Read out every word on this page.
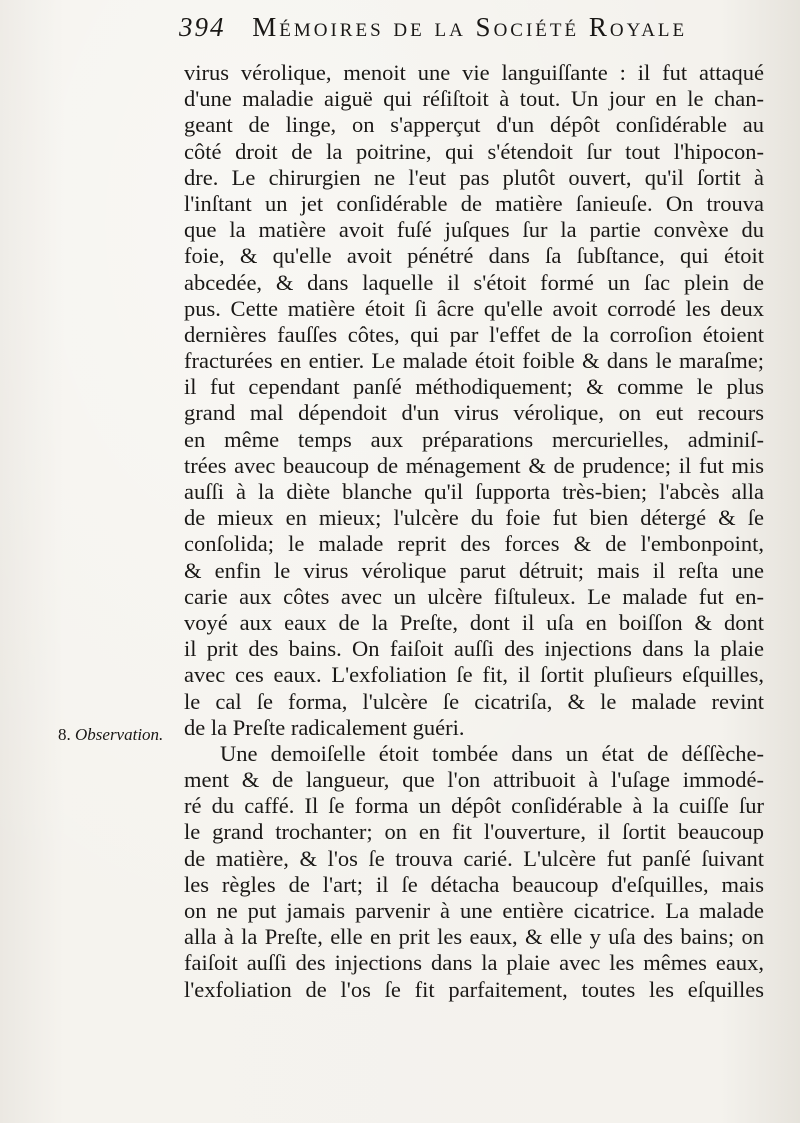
394 Mémoires de la Société Royale
8. Observation.
virus vérolique, menoit une vie languiſſante : il fut attaqué
d'une maladie aiguë qui réſiſtoit à tout. Un jour en le chan-
geant de linge, on s'apperçut d'un dépôt conſidérable au
côté droit de la poitrine, qui s'étendoit ſur tout l'hipocon-
dre. Le chirurgien ne l'eut pas plutôt ouvert, qu'il ſortit à
l'inſtant un jet conſidérable de matière ſanieuſe. On trouva
que la matière avoit fuſé juſques ſur la partie convèxe du
foie, & qu'elle avoit pénétré dans ſa ſubſtance, qui étoit
abcedée, & dans laquelle il s'étoit formé un ſac plein de
pus. Cette matière étoit ſi âcre qu'elle avoit corrodé les deux
dernières fauſſes côtes, qui par l'effet de la corroſion étoient
fracturées en entier. Le malade étoit foible & dans le maraſme;
il fut cependant panſé méthodiquement; & comme le plus
grand mal dépendoit d'un virus vérolique, on eut recours
en même temps aux préparations mercurielles, adminiſ-
trées avec beaucoup de ménagement & de prudence; il fut mis
auſſi à la diète blanche qu'il ſupporta très-bien; l'abcès alla
de mieux en mieux; l'ulcère du foie fut bien détergé & ſe
conſolida; le malade reprit des forces & de l'embonpoint,
& enfin le virus vérolique parut détruit; mais il reſta une
carie aux côtes avec un ulcère fiſtuleux. Le malade fut en-
voyé aux eaux de la Preſte, dont il uſa en boiſſon & dont
il prit des bains. On faiſoit auſſi des injections dans la plaie
avec ces eaux. L'exfoliation ſe fit, il ſortit pluſieurs eſquilles,
le cal ſe forma, l'ulcère ſe cicatriſa, & le malade revint
de la Preſte radicalement guéri.
Une demoiſelle étoit tombée dans un état de déſſèche-
ment & de langueur, que l'on attribuoit à l'uſage immodé-
ré du caffé. Il ſe forma un dépôt conſidérable à la cuiſſe ſur
le grand trochanter; on en fit l'ouverture, il ſortit beaucoup
de matière, & l'os ſe trouva carié. L'ulcère fut panſé ſuivant
les règles de l'art; il ſe détacha beaucoup d'eſquilles, mais
on ne put jamais parvenir à une entière cicatrice. La malade
alla à la Preſte, elle en prit les eaux, & elle y uſa des bains; on
faiſoit auſſi des injections dans la plaie avec les mêmes eaux,
l'exfoliation de l'os ſe fit parfaitement, toutes les eſquilles
